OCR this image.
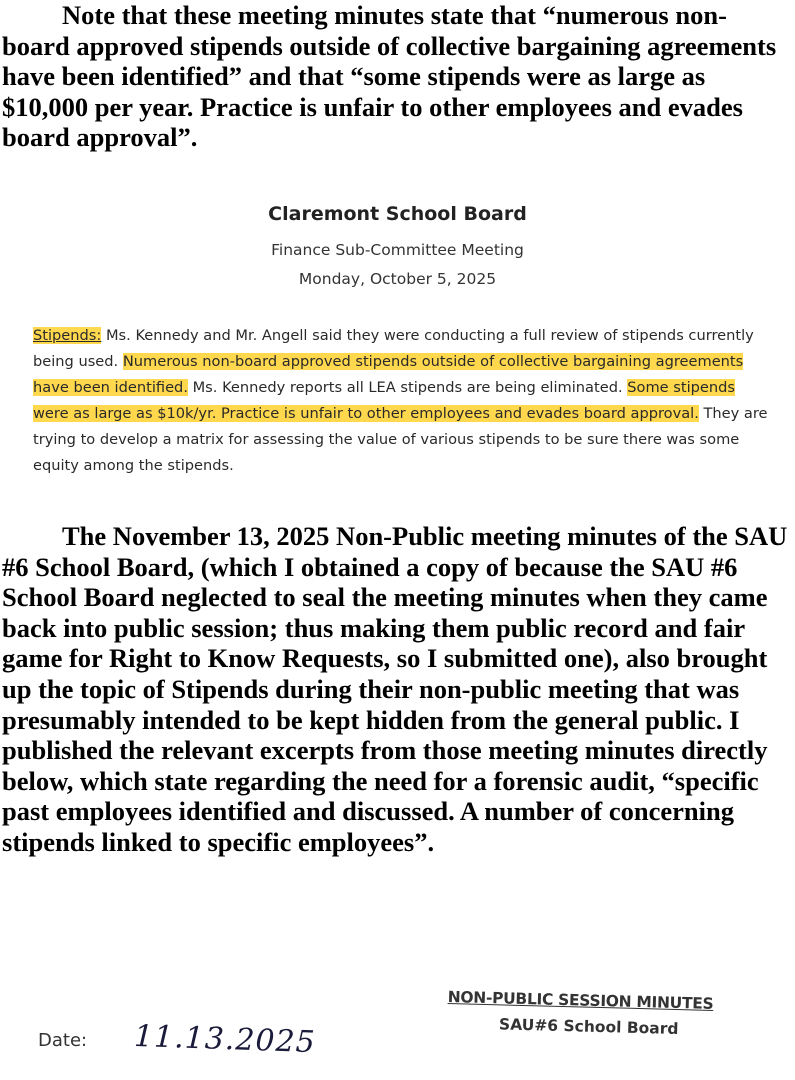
Note that these meeting minutes state that “numerous non-board approved stipends outside of collective bargaining agreements have been identified” and that “some stipends were as large as $10,000 per year. Practice is unfair to other employees and evades board approval”.

Claremont School Board
Finance Sub-Committee Meeting
Monday, October 5, 2025
Stipends: Ms. Kennedy and Mr. Angell said they were conducting a full review of stipends currently being used. Numerous non-board approved stipends outside of collective bargaining agreements have been identified. Ms. Kennedy reports all LEA stipends are being eliminated. Some stipends were as large as $10k/yr. Practice is unfair to other employees and evades board approval. They are trying to develop a matrix for assessing the value of various stipends to be sure there was some equity among the stipends.

The November 13, 2025 Non-Public meeting minutes of the SAU #6 School Board, (which I obtained a copy of because the SAU #6 School Board neglected to seal the meeting minutes when they came back into public session; thus making them public record and fair game for Right to Know Requests, so I submitted one), also brought up the topic of Stipends during their non-public meeting that was presumably intended to be kept hidden from the general public. I published the relevant excerpts from those meeting minutes directly below, which state regarding the need for a forensic audit, “specific past employees identified and discussed. A number of concerning stipends linked to specific employees”.

NON-PUBLIC SESSION MINUTES
SAU#6 School Board
Date: 11.13.2025
